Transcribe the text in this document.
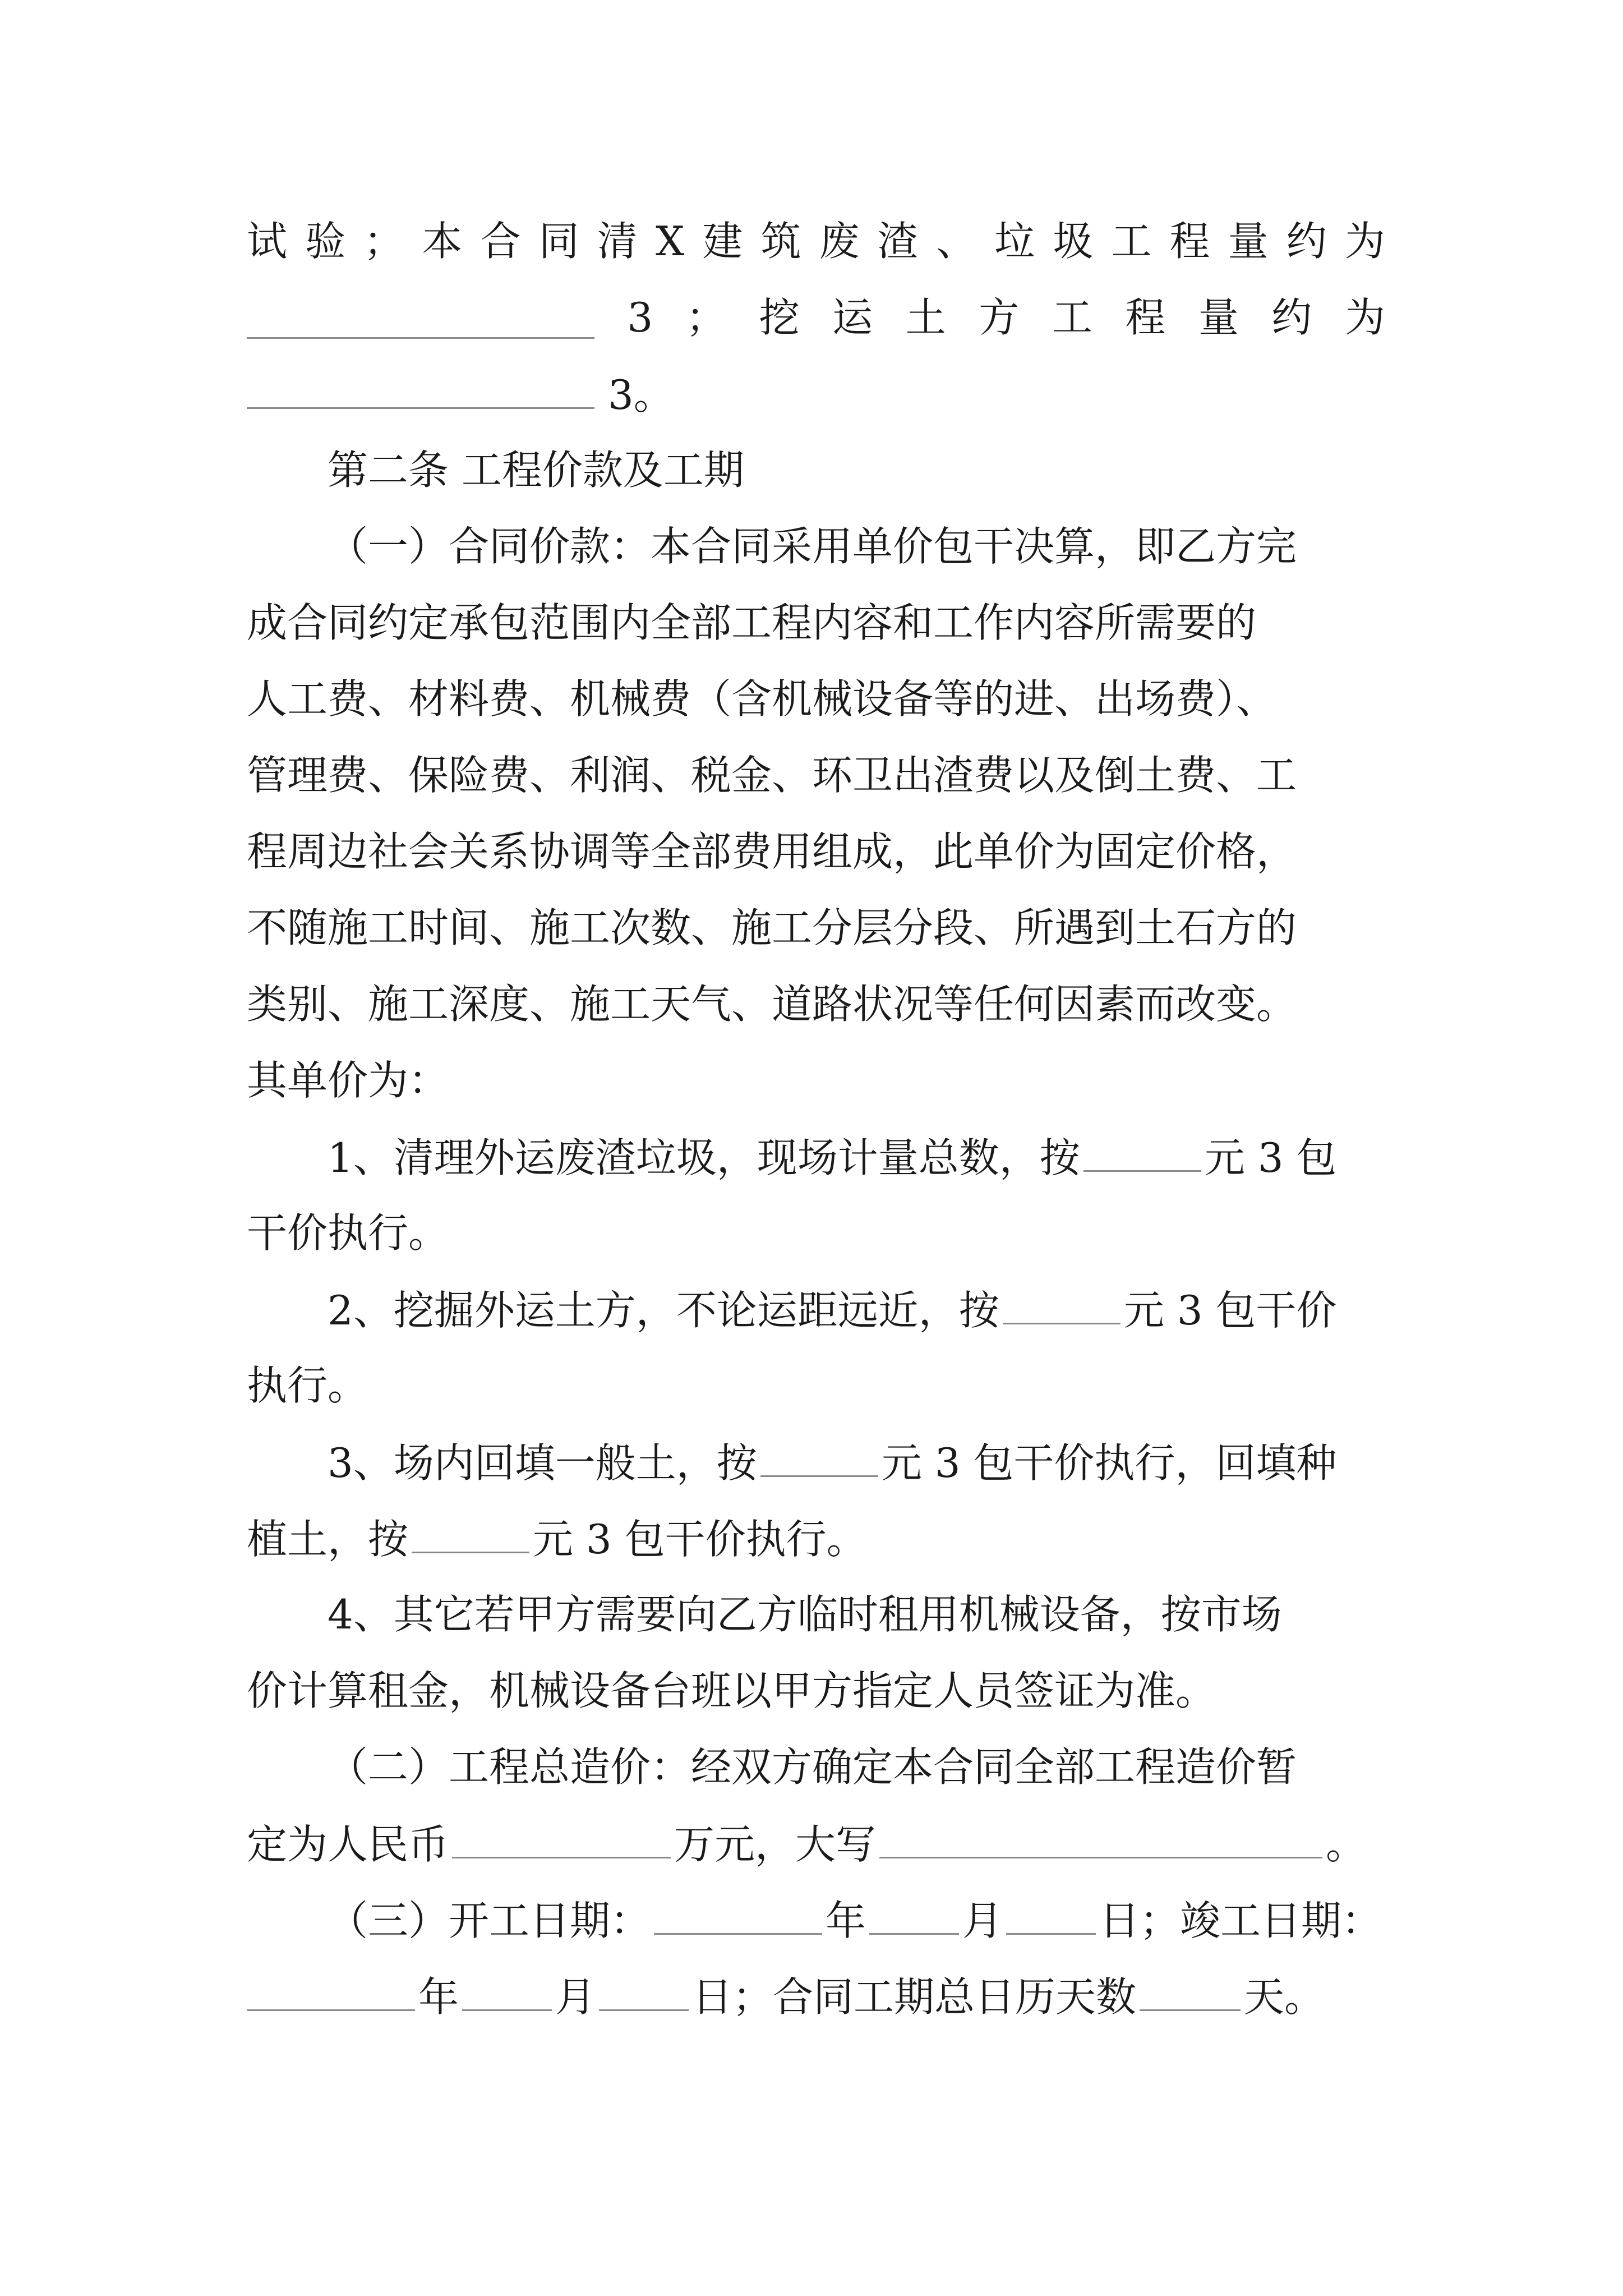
试 验 ； 本 合 同 清 X 建 筑 废 渣 、 垃 圾 工 程 量 约 为
3 ； 挖 运 土 方 工 程 量 约 为
3。
第二条 工程价款及工期
（一）合同价款：本合同采用单价包干决算，即乙方完
成合同约定承包范围内全部工程内容和工作内容所需要的
人工费、材料费、机械费（含机械设备等的进、出场费）、
管理费、保险费、利润、税金、环卫出渣费以及倒土费、工
程周边社会关系协调等全部费用组成，此单价为固定价格，
不随施工时间、施工次数、施工分层分段、所遇到土石方的
类别、施工深度、施工天气、道路状况等任何因素而改变。
其单价为：
1、清理外运废渣垃圾，现场计量总数，按	元 3 包
干价执行。
2、挖掘外运土方，不论运距远近，按	元 3 包干价
执行。
3、场内回填一般土，按	元 3 包干价执行，回填种
植土，按	元 3 包干价执行。
4、其它若甲方需要向乙方临时租用机械设备，按市场
价计算租金，机械设备台班以甲方指定人员签证为准。
（二）工程总造价：经双方确定本合同全部工程造价暂
定为人民币	万元，大写	。
（三）开工日期：	年 月 日；竣工日期：
年 月 日；合同工期总日历天数	天。
